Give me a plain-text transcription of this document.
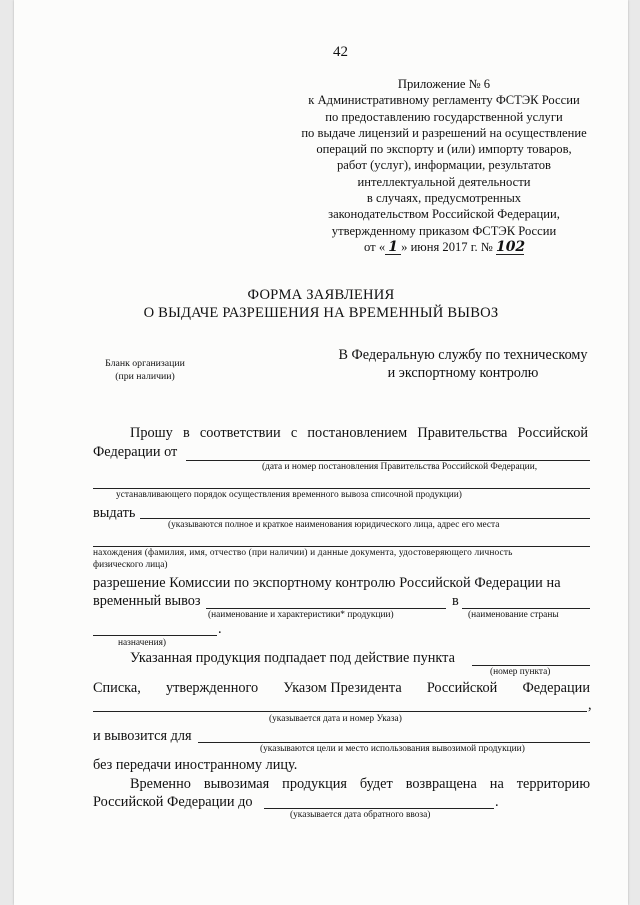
42
Приложение № 6
к Административному регламенту ФСТЭК России
по предоставлению государственной услуги
по выдаче лицензий и разрешений на осуществление
операций по экспорту и (или) импорту товаров,
работ (услуг), информации, результатов
интеллектуальной деятельности
в случаях, предусмотренных
законодательством Российской Федерации,
утвержденному приказом ФСТЭК России
от « 1 » июня 2017 г. № 102
ФОРМА ЗАЯВЛЕНИЯ
О ВЫДАЧЕ РАЗРЕШЕНИЯ НА ВРЕМЕННЫЙ ВЫВОЗ
Бланк организации
(при наличии)
В Федеральную службу по техническому
и экспортному контролю
Прошу в соответствии с постановлением Правительства Российской
Федерации от
(дата и номер постановления Правительства Российской Федерации,
устанавливающего порядок осуществления временного вывоза списочной продукции)
выдать
(указываются полное и краткое наименования юридического лица, адрес его места
нахождения (фамилия, имя, отчество (при наличии) и данные документа, удостоверяющего личность
физического лица)
разрешение Комиссии по экспортному контролю Российской Федерации на
временный вывоз	в
(наименование и характеристики* продукции)	(наименование страны
.
назначения)
Указанная продукция подпадает под действие пункта
(номер пункта)
Списка, утвержденного Указом Президента Российской Федерации
,
(указывается дата и номер Указа)
и вывозится для
(указываются цели и место использования вывозимой продукции)
без передачи иностранному лицу.
Временно вывозимая продукция будет возвращена на территорию
Российской Федерации до	.
(указывается дата обратного ввоза)
